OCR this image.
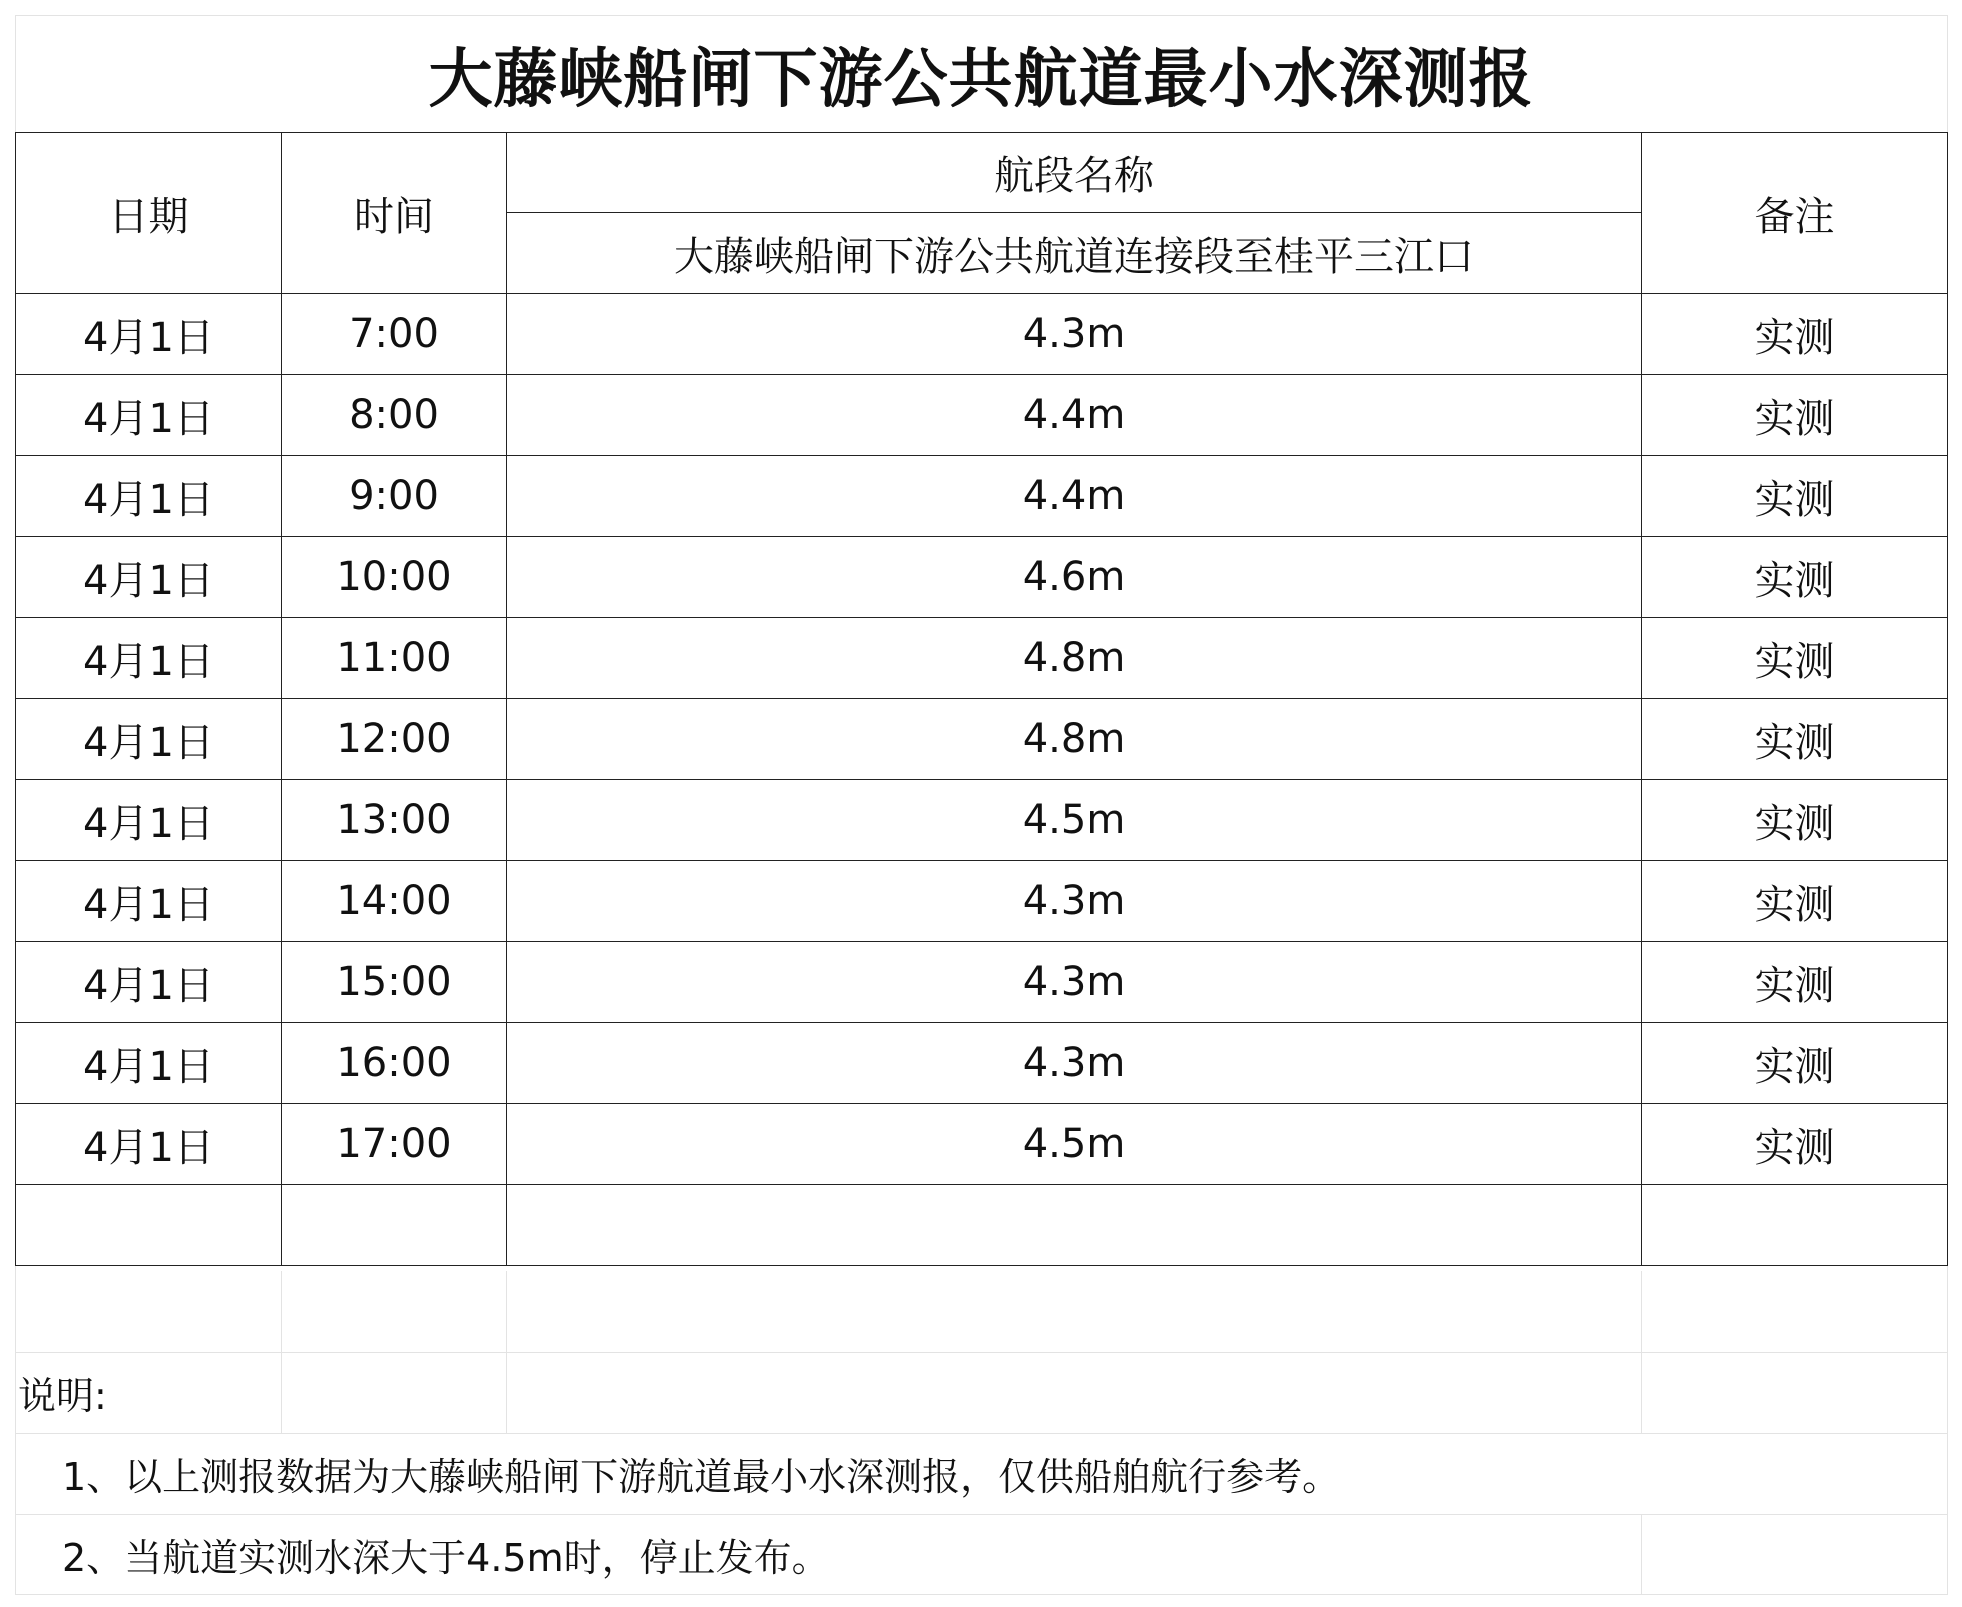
大藤峡船闸下游公共航道最小水深测报
日期	时间	航段名称	备注
		大藤峡船闸下游公共航道连接段至桂平三江口	
4月1日	7:00	4.3m	实测
4月1日	8:00	4.4m	实测
4月1日	9:00	4.4m	实测
4月1日	10:00	4.6m	实测
4月1日	11:00	4.8m	实测
4月1日	12:00	4.8m	实测
4月1日	13:00	4.5m	实测
4月1日	14:00	4.3m	实测
4月1日	15:00	4.3m	实测
4月1日	16:00	4.3m	实测
4月1日	17:00	4.5m	实测

说明:
1、以上测报数据为大藤峡船闸下游航道最小水深测报，仅供船舶航行参考。
2、当航道实测水深大于4.5m时，停止发布。
